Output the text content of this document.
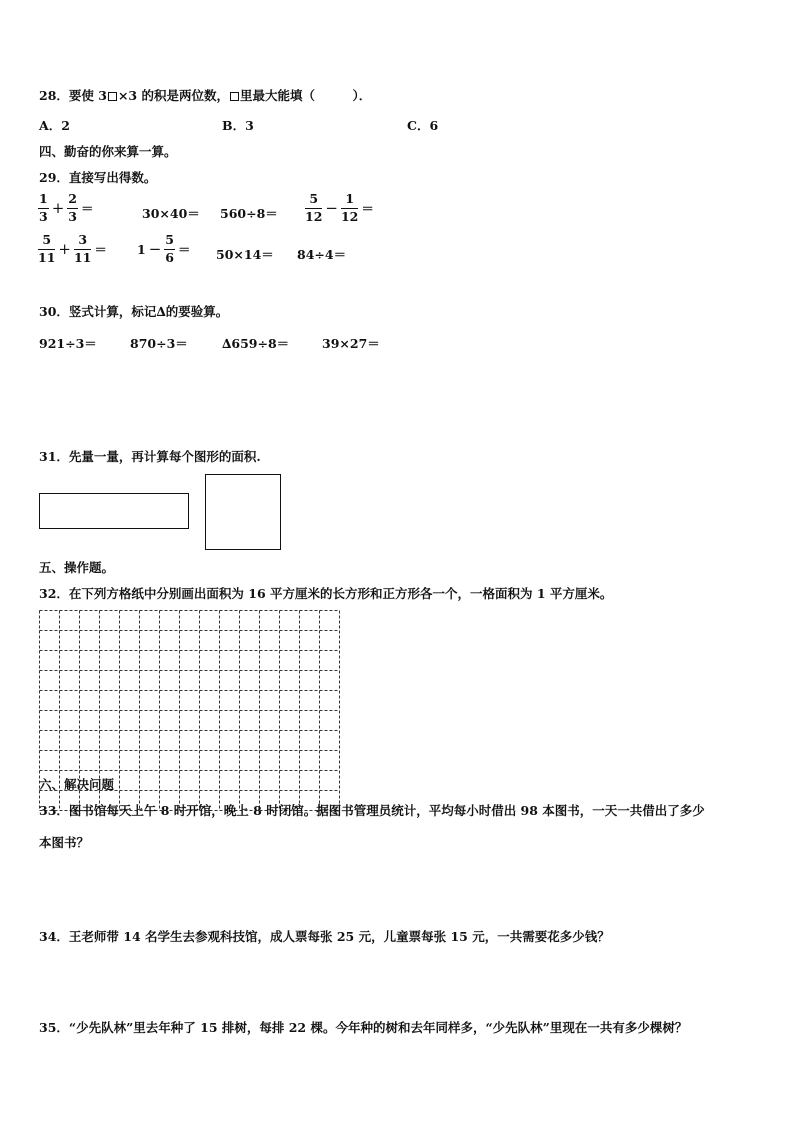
28．要使 3 ×3 的积是两位数， 里最大能填（　　　）．
A．2	B．3	C．6
四、勤奋的你来算一算。
29．直接写出得数。
$\frac{1}{3} + \frac{2}{3}$ ＝	$30\times 40= 560\div 8= \frac{5}{12} - \frac{1}{12}$ ＝
$\frac{5}{11} + \frac{3}{11} = 1 - \frac{5}{6} = 50\times 14= 84\div 4=$
30．竖式计算，标记∆的要验算。
921÷3＝	870÷3＝	∆659÷8＝	39×27＝
31．先量一量，再计算每个图形的面积.
五、操作题。
32．在下列方格纸中分别画出面积为 16 平方厘米的长方形和正方形各一个，一格面积为 1 平方厘米。
六、解决问题
33．图书馆每天上午 8 时开馆，晚上 8 时闭馆。据图书管理员统计，平均每小时借出 98 本图书，一天一共借出了多少
本图书？
34．王老师带 14 名学生去参观科技馆，成人票每张 25 元，儿童票每张 15 元，一共需要花多少钱？
35．“少先队林”里去年种了 15 排树，每排 22 棵。今年种的树和去年同样多，“少先队林”里现在一共有多少棵树？
